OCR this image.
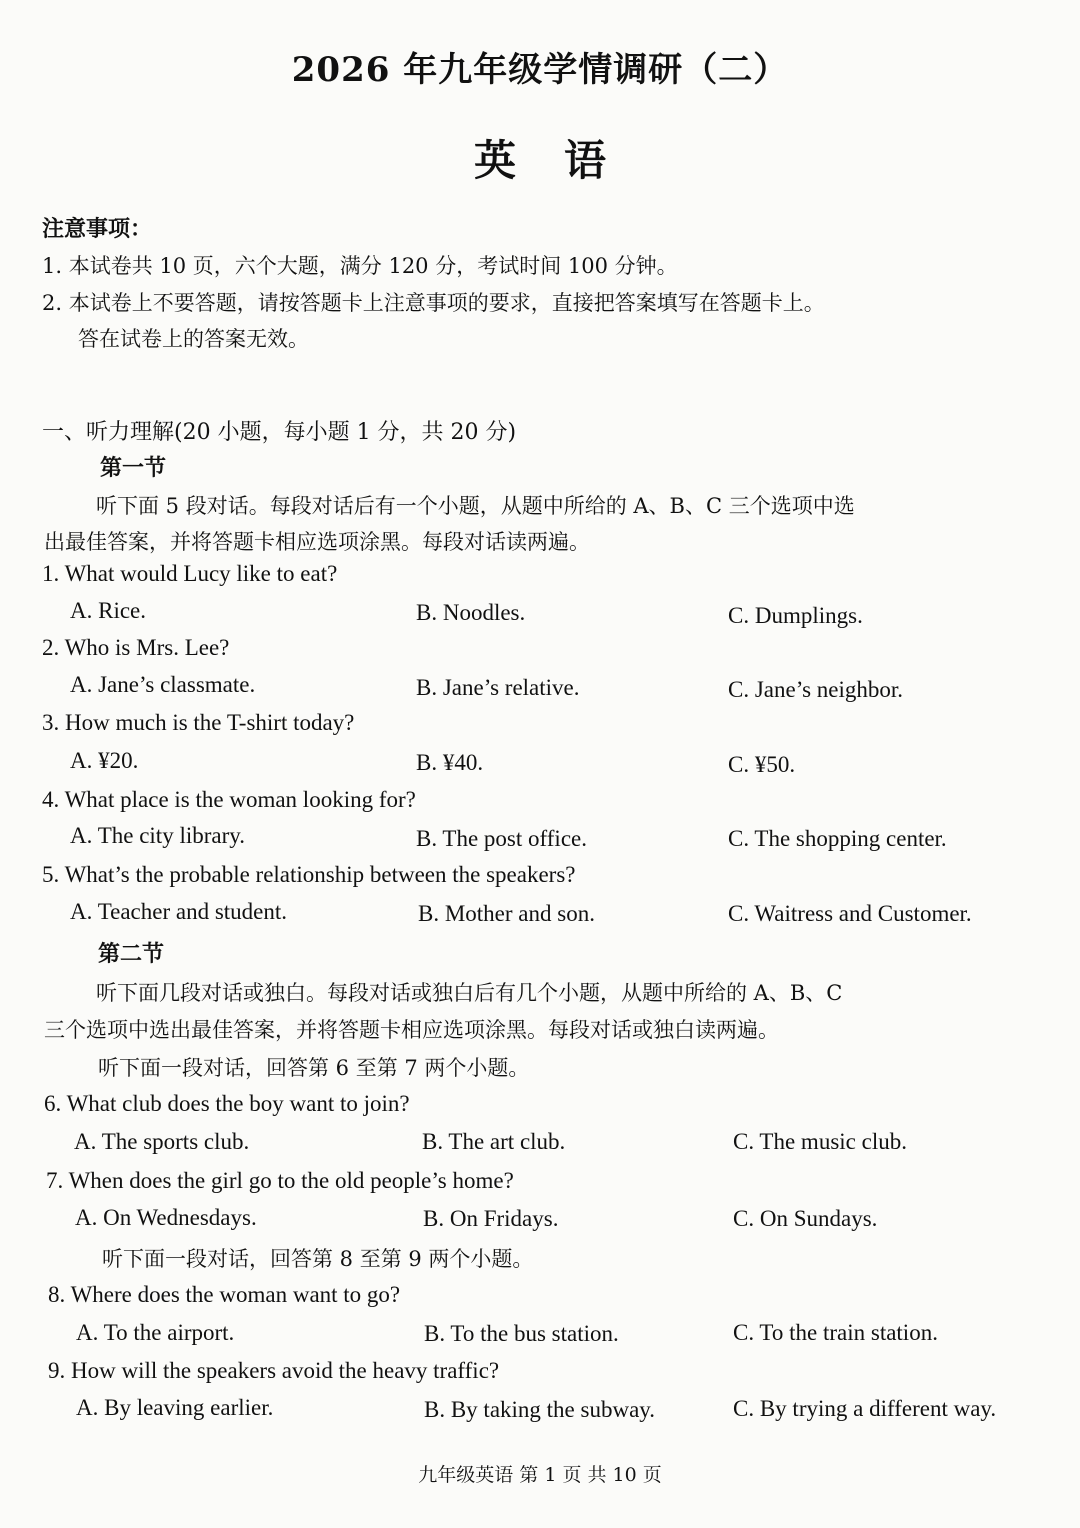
2026 年九年级学情调研（二）
英语
注意事项：
1. 本试卷共 10 页，六个大题，满分 120 分，考试时间 100 分钟。
2. 本试卷上不要答题，请按答题卡上注意事项的要求，直接把答案填写在答题卡上。
答在试卷上的答案无效。
一、听力理解(20 小题，每小题 1 分，共 20 分)
第一节
听下面 5 段对话。每段对话后有一个小题，从题中所给的 A、B、C 三个选项中选
出最佳答案，并将答题卡相应选项涂黑。每段对话读两遍。
1. What would Lucy like to eat?
A. Rice.	B. Noodles.	C. Dumplings.
2. Who is Mrs. Lee?
A. Jane’s classmate.	B. Jane’s relative.	C. Jane’s neighbor.
3. How much is the T-shirt today?
A. ¥20.	B. ¥40.	C. ¥50.
4. What place is the woman looking for?
A. The city library.	B. The post office.	C. The shopping center.
5. What’s the probable relationship between the speakers?
A. Teacher and student.	B. Mother and son.	C. Waitress and Customer.
第二节
听下面几段对话或独白。每段对话或独白后有几个小题，从题中所给的 A、B、C
三个选项中选出最佳答案，并将答题卡相应选项涂黑。每段对话或独白读两遍。
听下面一段对话，回答第 6 至第 7 两个小题。
6. What club does the boy want to join?
A. The sports club.	B. The art club.	C. The music club.
7. When does the girl go to the old people’s home?
A. On Wednesdays.	B. On Fridays.	C. On Sundays.
听下面一段对话，回答第 8 至第 9 两个小题。
8. Where does the woman want to go?
A. To the airport.	B. To the bus station.	C. To the train station.
9. How will the speakers avoid the heavy traffic?
A. By leaving earlier.	B. By taking the subway.	C. By trying a different way.
九年级英语 第 1 页 共 10 页
